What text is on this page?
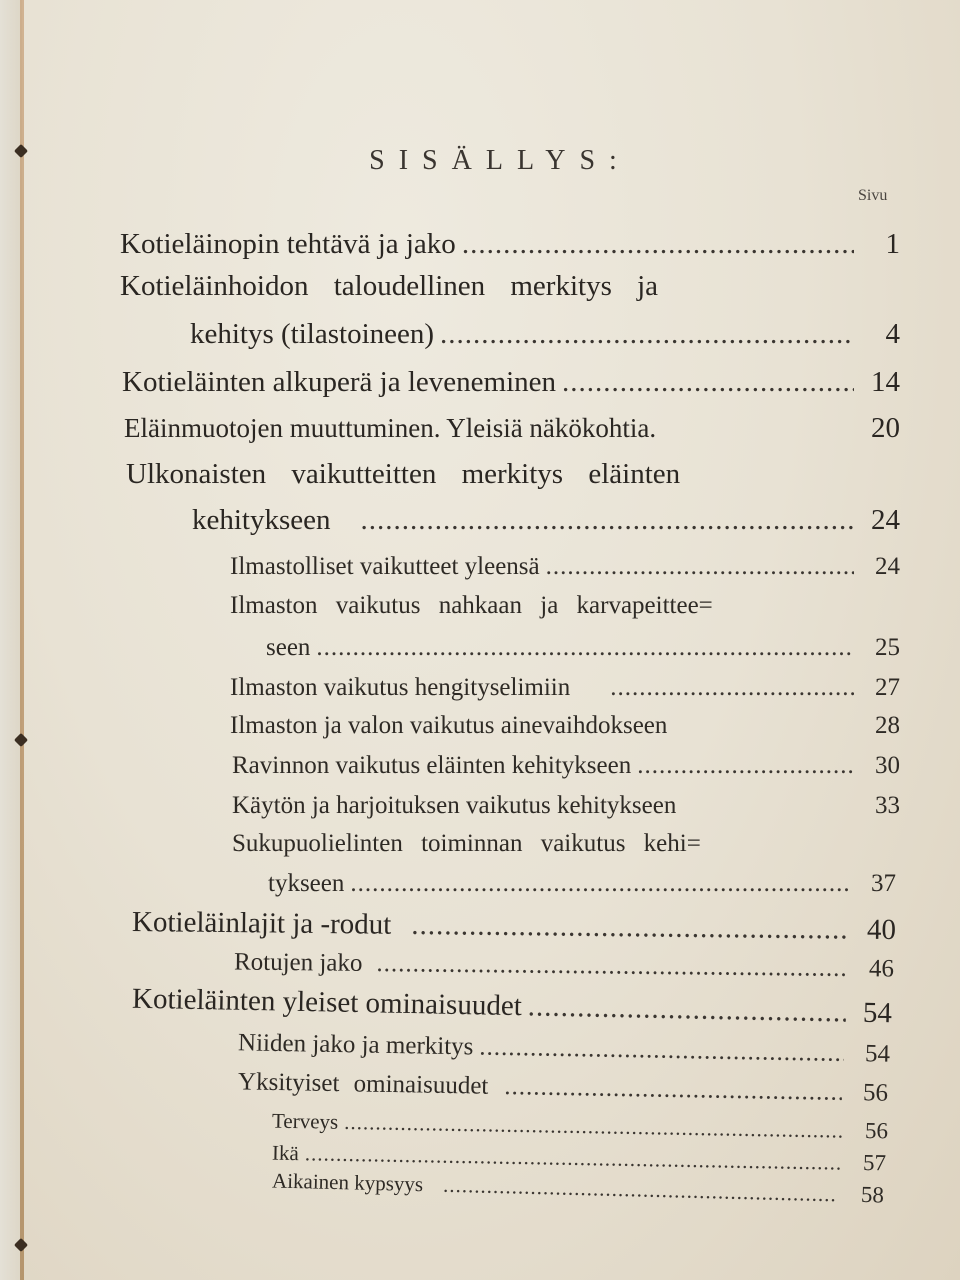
SISÄLLYS:
Sivu
Kotieläinopin tehtävä ja jako .....	1
Kotieläinhoidon taloudellinen merkitys ja
kehitys (tilastoineen) .....	4
Kotieläinten alkuperä ja leveneminen .....	14
Eläinmuotojen muuttuminen. Yleisiä näkökohtia.	20
Ulkonaisten vaikutteitten merkitys eläinten
kehitykseen .....	24
Ilmastolliset vaikutteet yleensä .....	24
Ilmaston vaikutus nahkaan ja karvapeittee=
seen .....	25
Ilmaston vaikutus hengityselimiin .....	27
Ilmaston ja valon vaikutus ainevaihdokseen	28
Ravinnon vaikutus eläinten kehitykseen .....	30
Käytön ja harjoituksen vaikutus kehitykseen	33
Sukupuolielinten toiminnan vaikutus kehi=
tykseen .....	37
Kotieläinlajit ja -rodut .....	40
Rotujen jako .....	46
Kotieläinten yleiset ominaisuudet .....	54
Niiden jako ja merkitys .....	54
Yksityiset ominaisuudet .....	56
Terveys .....	56
Ikä .....	57
Aikainen kypsyys .....	58
